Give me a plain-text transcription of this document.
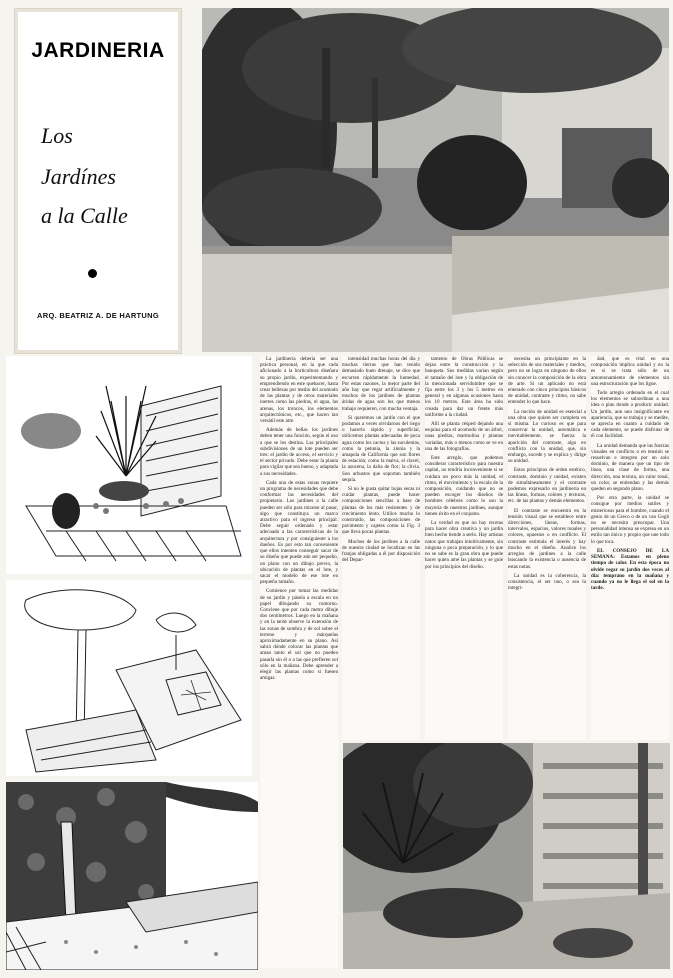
JARDINERIA
Los
Jardínes
a la Calle
ARQ. BEATRIZ A. DE HARTUNG

La jardinería debería ser una práctica personal, en la que cada aficionado a la horticultura diseñara su propio jardín, experimentando y emprendiendo en este quehacer, hasta crear bellezas por medio del acomodo de las plantas y de otros materiales inertes como las piedras, el agua, las arenas, los troncos, los elementos arquitectónicos, etc., que hacen tan versátil este arte.

Además de bellas los jardines deben tener una función, según el uso a que se los destina. Las principales subdivisiones de un lote pueden ser tres: el jardín de acceso, el servicio y el sector privado. Debe estar la planta para vigilar que sea bueno, y adaptada a sus necesidades.

Cada una de estas zonas requiere un programa de necesidades que debe conformar las necesidades del propietario. Los jardines a la calle pueden ser sólo para mirarse al pasar, algo que constituya un marco atractivo para el ingreso principal. Debe seguir ordenado y estar adecuado a las características de la arquitectura y por consiguiente a los dueños. Es por esto tan conveniente que ellos intenten conseguir sacar de su diseño que puede aún ser pequeño, un plano con un dibujo previo, la ubicación de plantas en el lote, y sacar el modelo de ese lote en pequeño tamaño.

Comience por tomar las medidas de su jardín y pásela a escala en un papel dibujando su contorno. Conviene que por cada metro dibuje dos centímetros. Luego en la mañana y en la tarde observe la extensión de las zonas de sombra y de sol sobre el terreno y márquelas aproximadamente en su plano. Así sabrá dónde colocar las plantas que aman tanto el sol que no pueden pasarla sin él o a las que prefieren sol sólo en la mañana. Debe aprender a elegir las plantas como si fuesen amigas.

intensidad muchas horas del día y muchas tierras que han tenido demasiado buen drenaje, se dice que escurren rápidamente la humedad. Por estas razones, la mejor parte del año hay que regar artificialmente y muchos de los jardines de plantas áridas de agua son los que menos trabajo requieren, con mucha ventaja.

Si queremos un jardín con el que podamos a veces olvidarnos del riego o hacerlo rápido y superficial, utilicemos plantas adecuadas de poca agua como los cactus y las suculentas, como la petunia, la zinnia y la amapola de California que son flores de estación; como la malva, el clavel, la azucena, la dalia de flor; la clivia. Son arbustos que soportan también sequía.

Si no le gusta quitar hojas secas ni cuidar plantas, puede hacer composiciones sencillas a base de plantas de los más resistentes y de crecimiento lento. Utilice mucho lo construido, las composiciones de pavimento y cajetes como la Fig. 3 que lleva pocas plantas.

Muchos de los jardines a la calle de nuestra ciudad se localizan en las franjas obligadas a él por disposición del Depar-

tamento de Obras Públicas se dejan entre la construcción y la banqueta. Sus medidas varían según el tamaño del lote y la obligación de la mencionada servidumbre que se fija entre los 3 y los 5 metros en general y en algunas ocasiones hasta los 10 metros. Este área ha sido creada para dar un frente más uniforme a la ciudad.

Allí se planta césped dejando una esquina para el acomodo de un árbol, unas piedras, marmolina y plantas variadas, más o menos como se ve en una de las fotografías.

Este arreglo, que podemos considerar característico para nuestra capital, no tendría inconveniente si se cuidara un poco más la unidad, el ritmo, el movimiento y la escala de la composición, cuidando que no se pueden escoger los diseños de hombres célebres como lo son la mayoría de nuestros jardines, aunque tienen éxito en el conjunto.

La verdad es que no hay recetas para hacer obra creativa y un jardín bien hecho tiende a serlo. Hay artistas natos que trabajan intuitivamente, sin ninguna o poca preparación, y lo que no se sabe es la gran obra que puede hacer quien ame las plantas y se guíe por los principios del diseño.

necesita un principiante en la selección de sus materiales y medios, pero no se logra en ninguno de ellos sin conocer la composición de la obra de arte. Si un aplicado no está enterado con cinco principios básicos de unidad, contraste y ritmo, no sabe entender lo que hace.

La noción de unidad es esencial a una obra que quiere ser completa en sí misma. Lo curioso es que para conservar la unidad, automática e inevitablemente, se fuerza la aparición del contraste, algo en conflicto con la unidad, que, sin embargo, sucede y se explica y dirige su unidad.

Estos principios de orden estético, contraste, dominio y unidad, existen de simultáneamente y el contraste podemos expresarlo en jardinería en las líneas, formas, colores y texturas, etc. de las plantas y demás elementos.

El contraste se encuentra en la tensión visual que se establece entre direcciones, líneas, formas, intervalos, espacios, valores tonales y colores, opuestos o en conflicto. El contraste estimula el interés y hay mucho en el diseño. Analice los arreglos de jardines a la calle buscando la existencia o ausencia de estas notas.

La unidad es la coherencia, la consistencia, el ser uno, o sea la integri-

dad, que es vital en una composición implica unidad y no la es si se trata sólo de un amontonamiento de elementos sin una estructuración que los ligue.

Todo arreglo ordenado en el cual los elementos se subordinan a una idea o plan tiende a producir unidad. Un jardín, aun uno insignificante en apariencia, que se trabaja y se medite, se aprecia en cuanto a cuidado de cada elemento, se puede disfrutar de él con facilidad.

La unidad demanda que las fuerzas visuales en conflicto o en tensión se resuelvan e integren por un solo dominio, de manera que un tipo de línea, una clase de forma, una dirección, una textura, un valor tonal, un color, se entiendan y las demás queden en segundo plano.

Por otra parte, la unidad se consigue por medios sutiles y misteriosos para el hombre, cuando el genio de un Greco o de un van Gogh no se necesita preocupar. Una personalidad intensa se expresa en un estilo tan único y propio que une todo lo que toca.

EL CONSEJO DE LA SEMANA: Estamos en pleno tiempo de calor. En esta época no olvide regar su jardín dos veces al día: temprano en la mañana y cuando ya no le llega el sol en la tarde.
